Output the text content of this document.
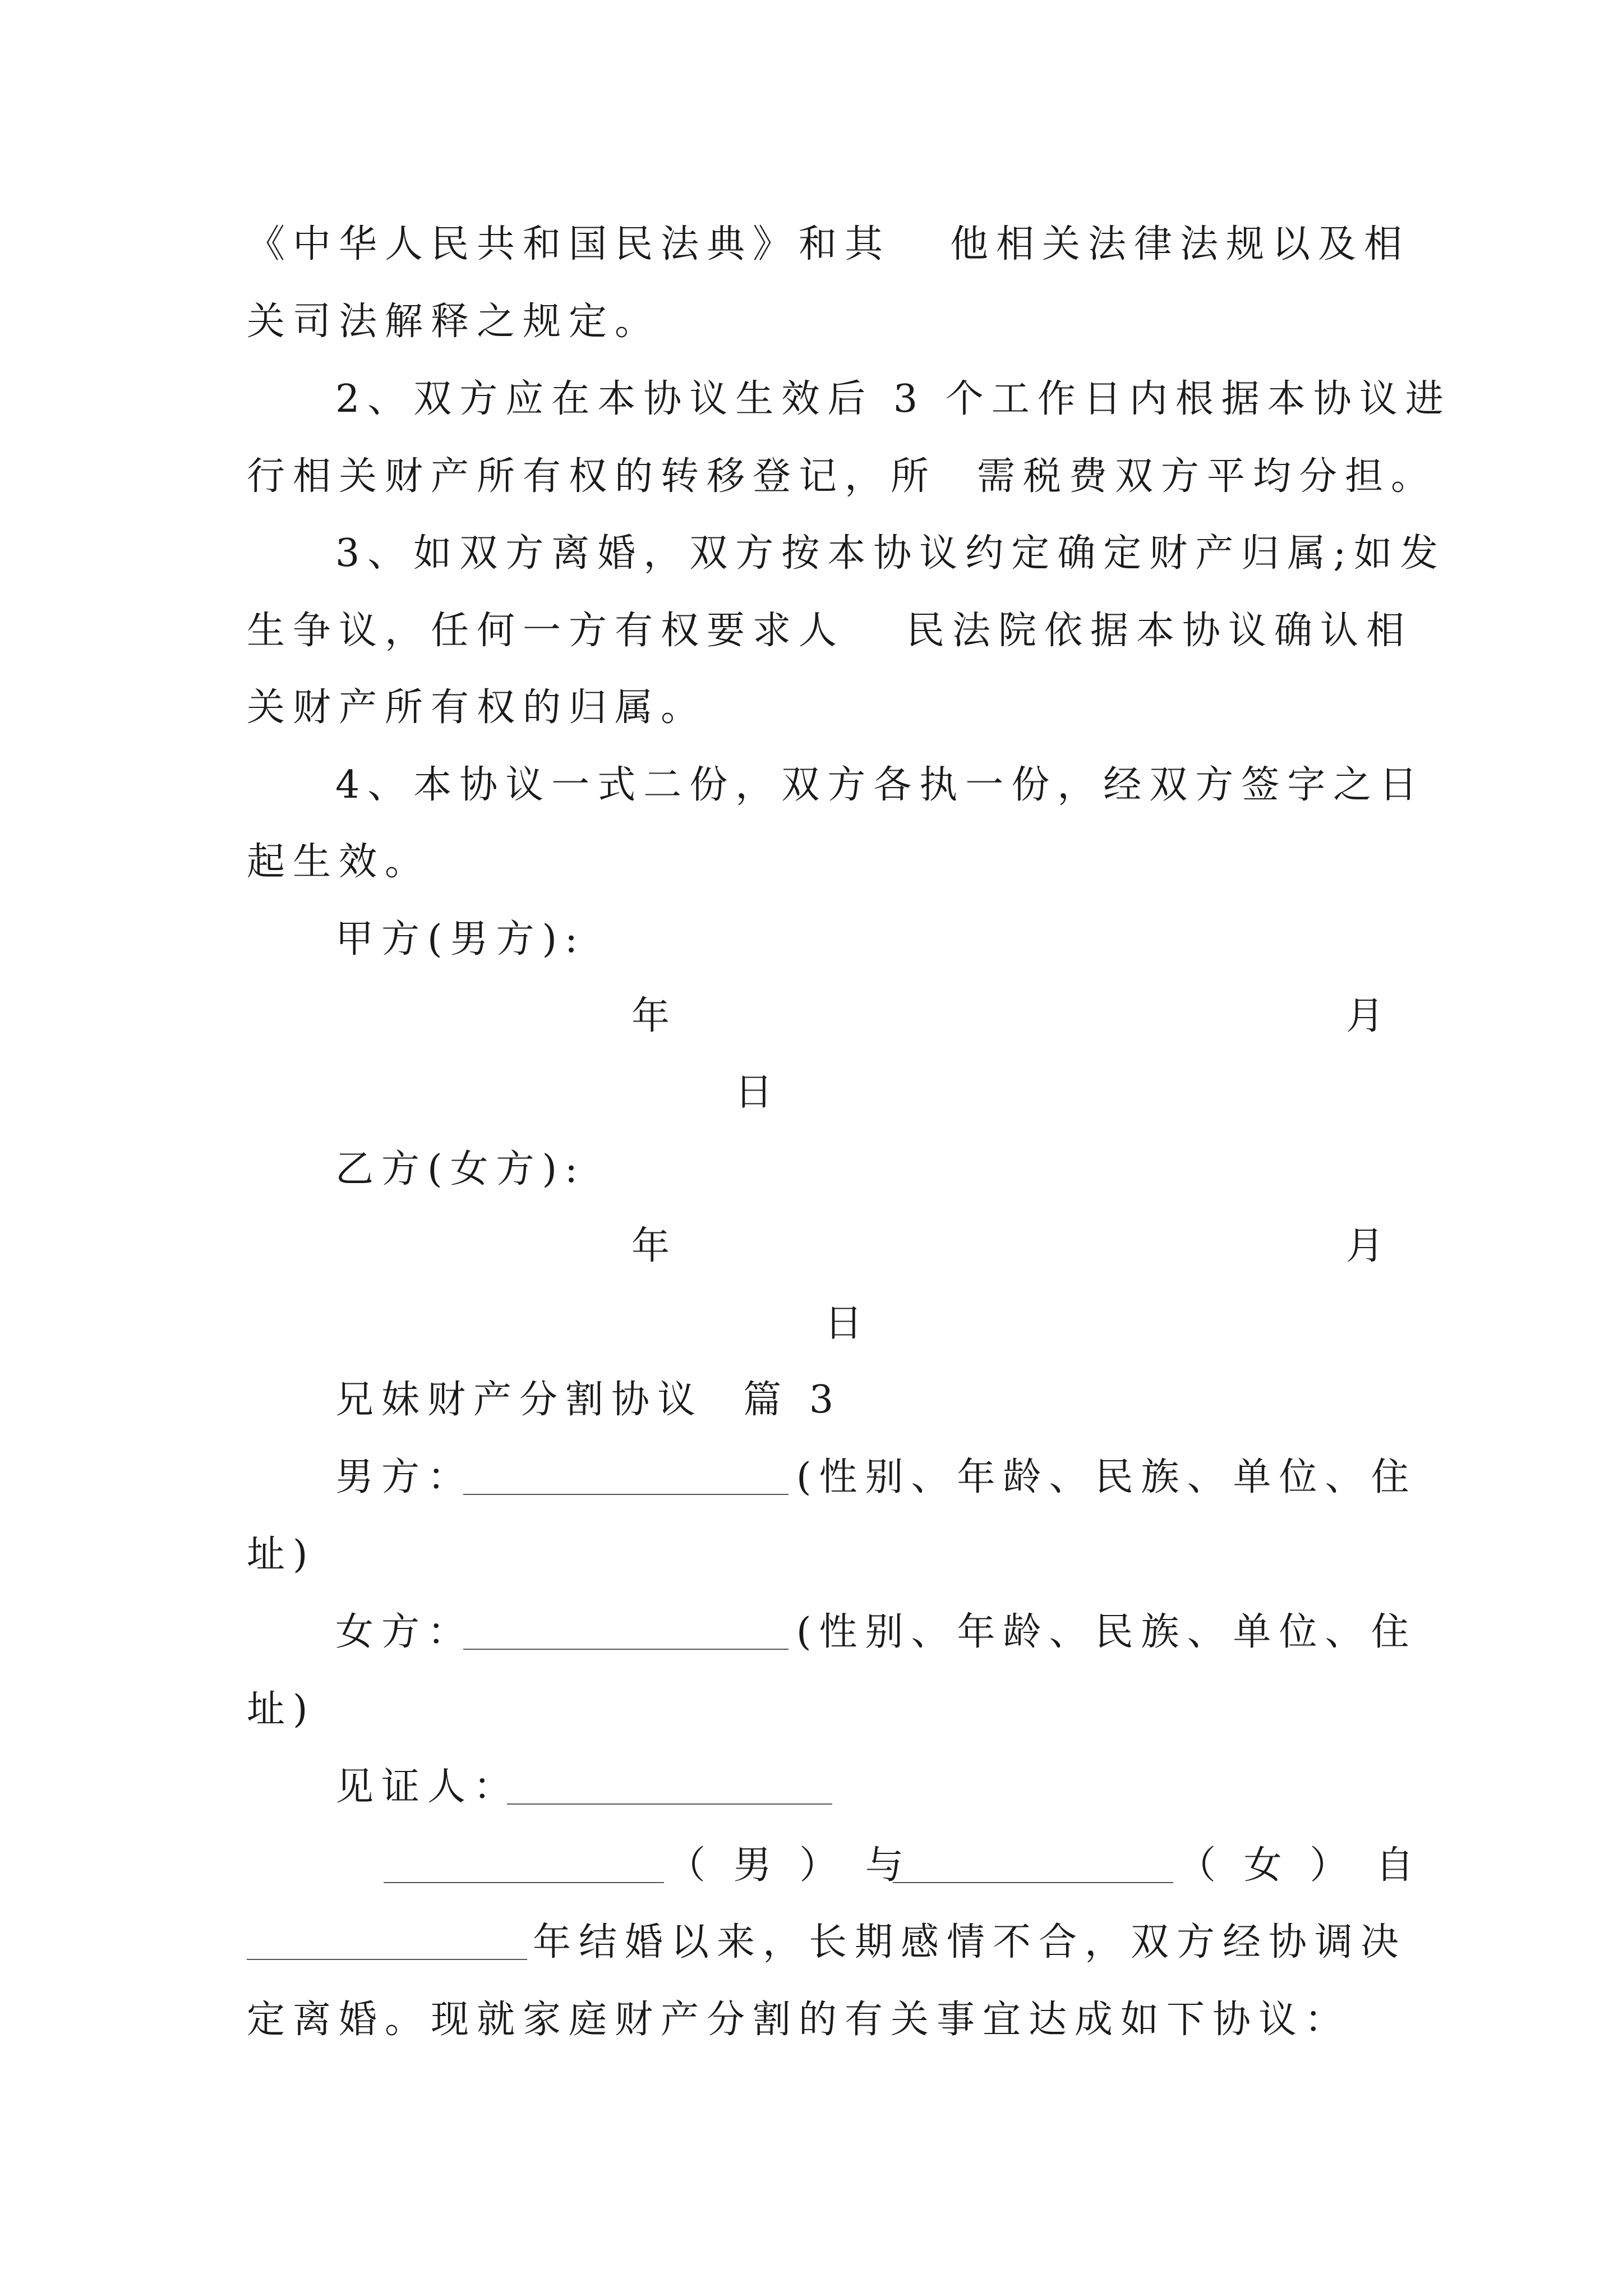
《中华人民共和国民法典》和其 他相关法律法规以及相
关司法解释之规定。
2、双方应在本协议生效后 3 个工作日内根据本协议进
行相关财产所有权的转移登记，所 需税费双方平均分担。
3、如双方离婚，双方按本协议约定确定财产归属;如发
生争议，任何一方有权要求人 民法院依据本协议确认相
关财产所有权的归属。
4、本协议一式二份，双方各执一份，经双方签字之日
起生效。
甲方(男方):
年	月
日
乙方(女方):
年	月
日
兄妹财产分割协议  篇 3
男方：	(性别、年龄、民族、单位、住
址)
女方：	(性别、年龄、民族、单位、住
址)
见证人：
（ 男 ） 与	（ 女 ） 自
年结婚以来，长期感情不合，双方经协调决
定离婚。现就家庭财产分割的有关事宜达成如下协议：
